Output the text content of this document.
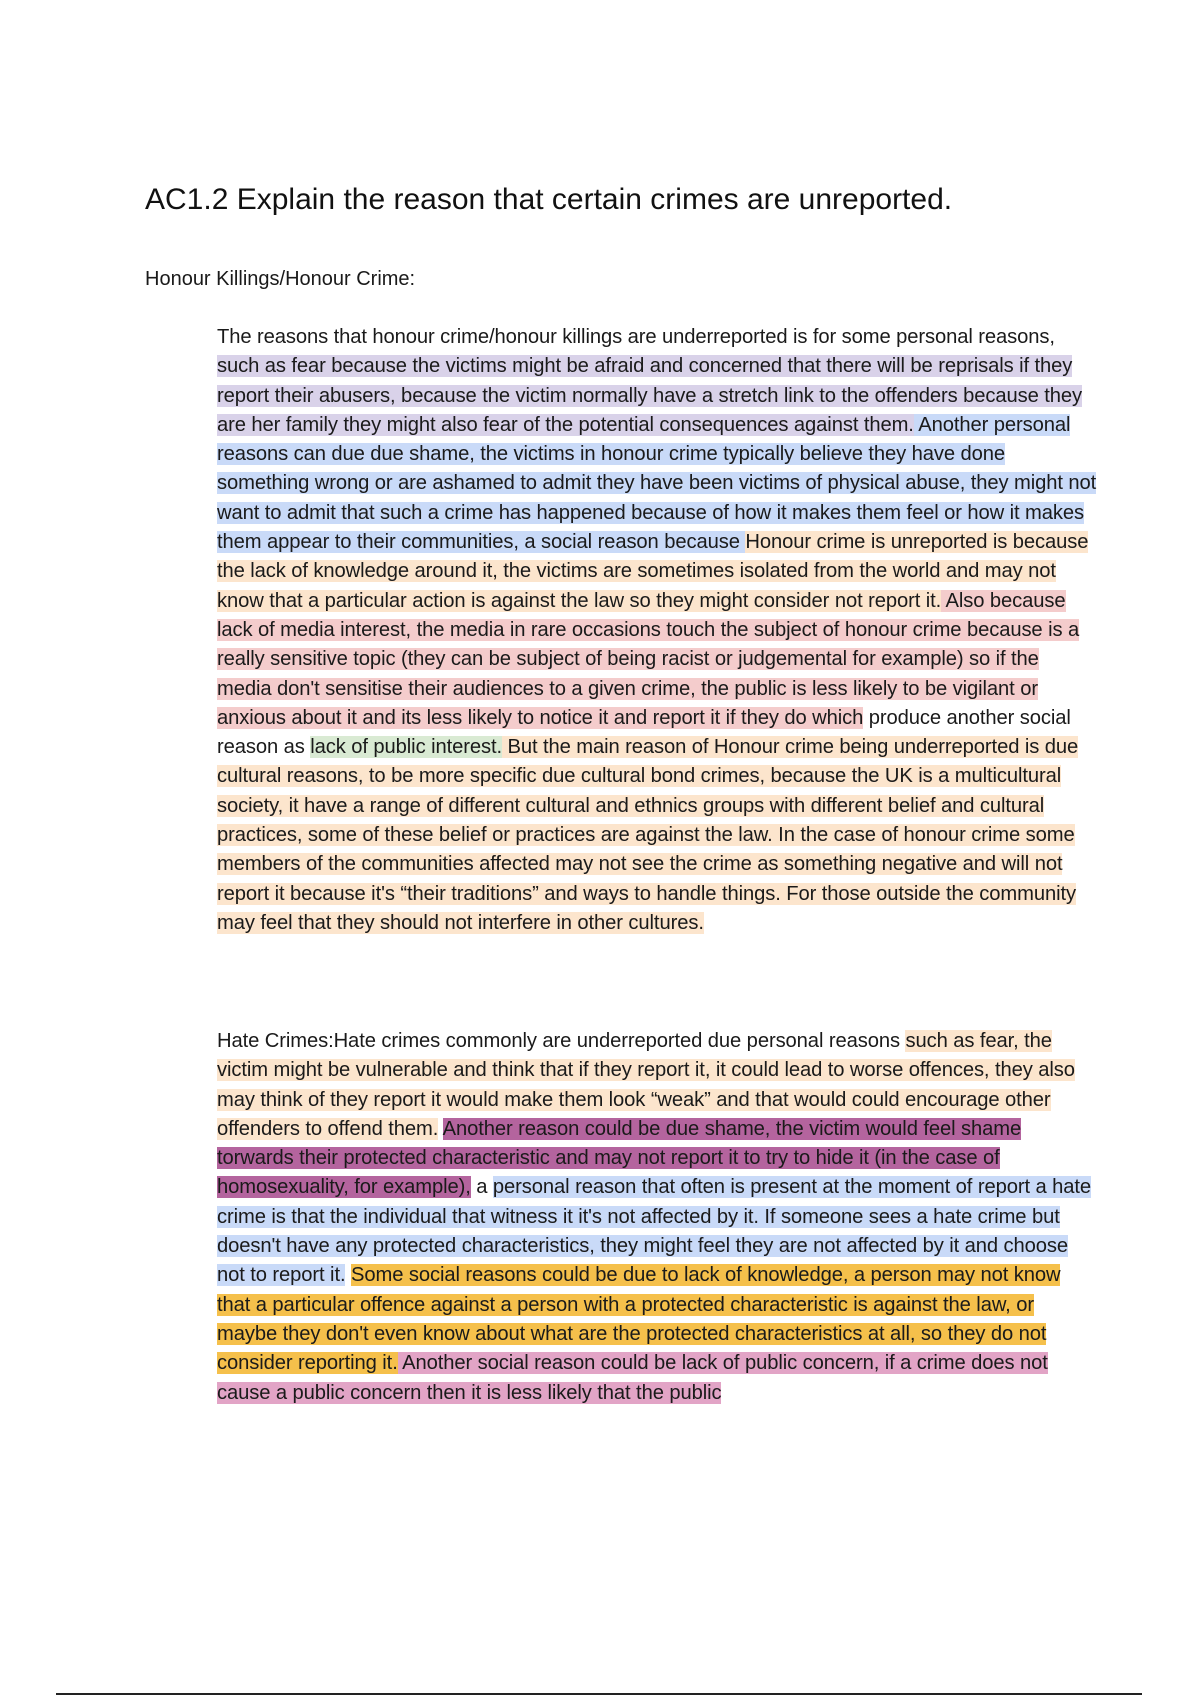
AC1.2 Explain the reason that certain crimes are unreported.

Honour Killings/Honour Crime:

The reasons that honour crime/honour killings are underreported is for some personal reasons, such as fear because the victims might be afraid and concerned that there will be reprisals if they report their abusers, because the victim normally have a stretch link to the offenders because they are her family they might also fear of the potential consequences against them. Another personal reasons can due due shame, the victims in honour crime typically believe they have done something wrong or are ashamed to admit they have been victims of physical abuse, they might not want to admit that such a crime has happened because of how it makes them feel or how it makes them appear to their communities, a social reason because Honour crime is unreported is because the lack of knowledge around it, the victims are sometimes isolated from the world and may not know that a particular action is against the law so they might consider not report it. Also because lack of media interest, the media in rare occasions touch the subject of honour crime because is a really sensitive topic (they can be subject of being racist or judgemental for example) so if the media don't sensitise their audiences to a given crime, the public is less likely to be vigilant or anxious about it and its less likely to notice it and report it if they do which produce another social reason as lack of public interest. But the main reason of Honour crime being underreported is due cultural reasons, to be more specific due cultural bond crimes, because the UK is a multicultural society, it have a range of different cultural and ethnics groups with different belief and cultural practices, some of these belief or practices are against the law. In the case of honour crime some members of the communities affected may not see the crime as something negative and will not report it because it's “their traditions” and ways to handle things. For those outside the community may feel that they should not interfere in other cultures.

Hate Crimes:Hate crimes commonly are underreported due personal reasons such as fear, the victim might be vulnerable and think that if they report it, it could lead to worse offences, they also may think of they report it would make them look “weak” and that would could encourage other offenders to offend them. Another reason could be due shame, the victim would feel shame torwards their protected characteristic and may not report it to try to hide it (in the case of homosexuality, for example), a personal reason that often is present at the moment of report a hate crime is that the individual that witness it it's not affected by it. If someone sees a hate crime but doesn't have any protected characteristics, they might feel they are not affected by it and choose not to report it. Some social reasons could be due to lack of knowledge, a person may not know that a particular offence against a person with a protected characteristic is against the law, or maybe they don't even know about what are the protected characteristics at all, so they do not consider reporting it. Another social reason could be lack of public concern, if a crime does not cause a public concern then it is less likely that the public
